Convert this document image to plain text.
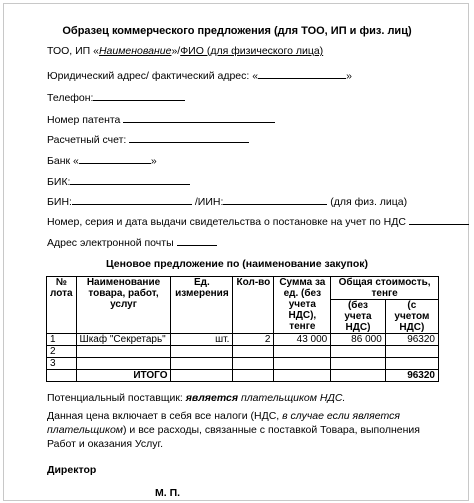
Образец коммерческого предложения (для ТОО, ИП и физ. лиц)
ТОО, ИП «Наименование»/ФИО (для физического лица)
Юридический адрес/ фактический адрес: «	»
Телефон:
Номер патента
Расчетный счет:
Банк «	»
БИК:
БИН:	/ИИН:	(для физ. лица)
Номер, серия и дата выдачи свидетельства о постановке на учет по НДС
Адрес электронной почты
Ценовое предложение по (наименование закупок)
№ лота	Наименование товара, работ, услуг	Ед. измерения	Кол-во	Сумма за ед. (без учета НДС), тенге	Общая стоимость, тенге	
					(без учета НДС)	(с учетом НДС)
1	Шкаф "Секретарь"	шт.	2	43 000	86 000	96320
2						
3						
	ИТОГО					96320
Потенциальный поставщик: является плательщиком НДС.
Данная цена включает в себя все налоги (НДС, в случае если является плательщиком) и все расходы, связанные с поставкой Товара, выполнения Работ и оказания Услуг.
Директор
М. П.
